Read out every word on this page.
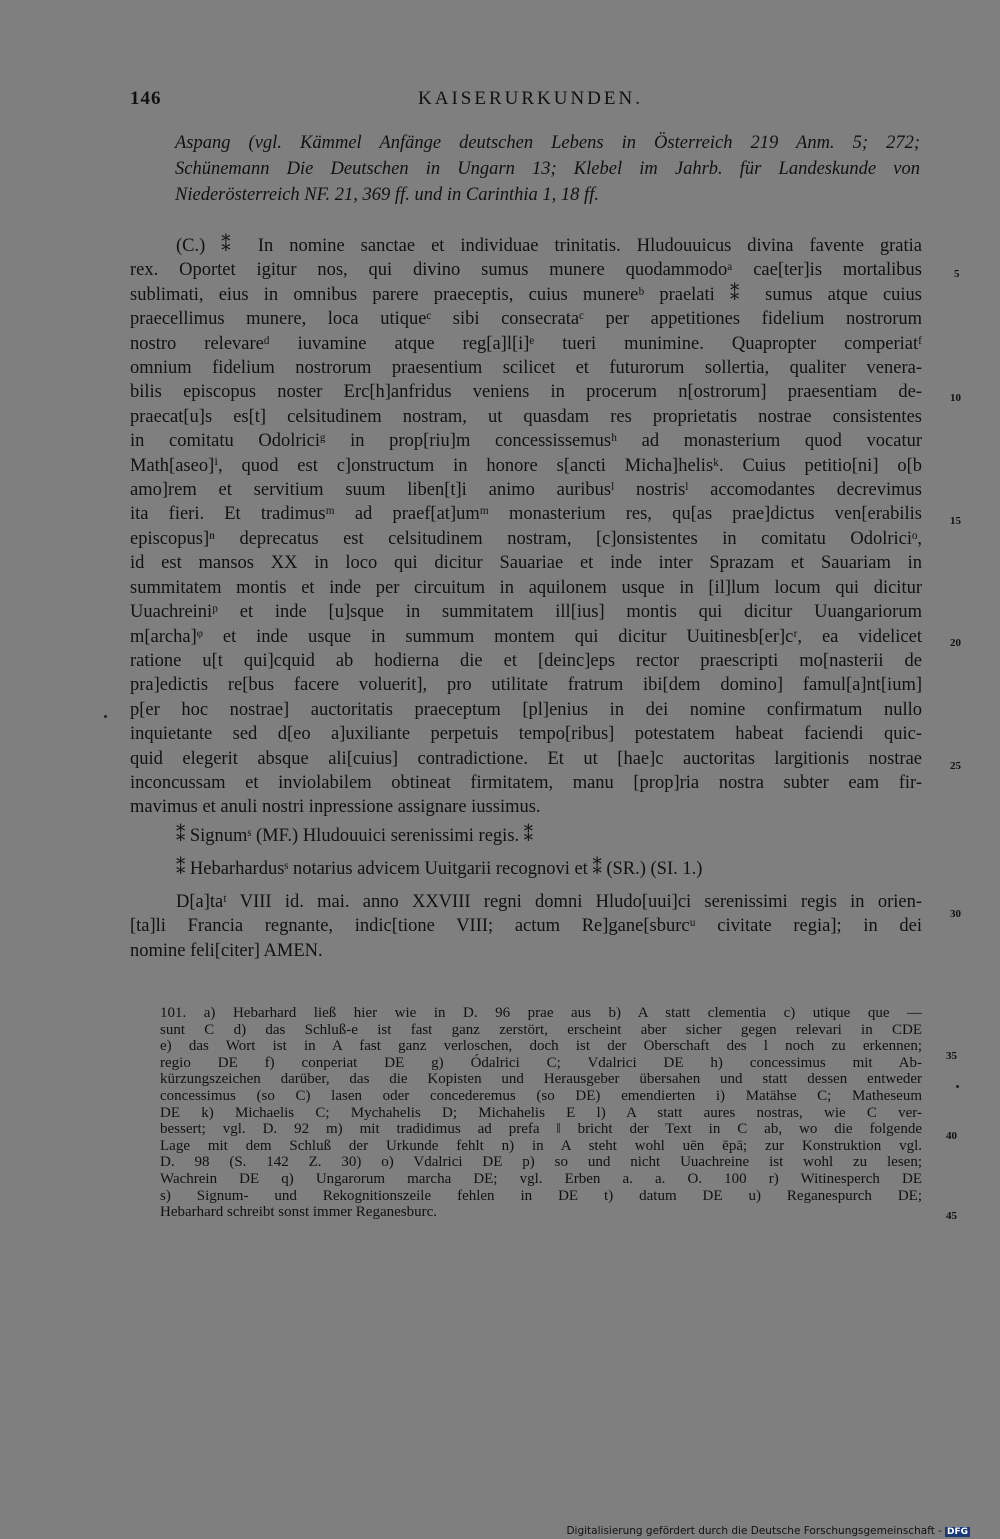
146	KAISERURKUNDEN.
Aspang (vgl. Kämmel Anfänge deutschen Lebens in Österreich 219 Anm. 5; 272;
Schünemann Die Deutschen in Ungarn 13; Klebel im Jahrb. für Landeskunde von
Niederösterreich NF. 21, 369 ff. und in Carinthia 1, 18 ff.
(C.) ⁑ In nomine sanctae et individuae trinitatis. Hludouuicus divina favente gratia
rex. Oportet igitur nos, qui divino sumus munere quodammodoᵃ cae[ter]is mortalibus
sublimati, eius in omnibus parere praeceptis, cuius munereᵇ praelati ⁑ sumus atque cuius
praecellimus munere, loca utiqueᶜ sibi consecrataᶜ per appetitiones fidelium nostrorum
nostro relevareᵈ iuvamine atque reg[a]l[i]ᵉ tueri munimine. Quapropter comperiatᶠ
omnium fidelium nostrorum praesentium scilicet et futurorum sollertia, qualiter venera-
bilis episcopus noster Erc[h]anfridus veniens in procerum n[ostrorum] praesentiam de-
praecat[u]s es[t] celsitudinem nostram, ut quasdam res proprietatis nostrae consistentes
in comitatu Odolriciᵍ in prop[riu]m concessissemusʰ ad monasterium quod vocatur
Math[aseo]ⁱ, quod est c]onstructum in honore s[ancti Micha]helisᵏ. Cuius petitio[ni] o[b
amo]rem et servitium suum liben[t]i animo auribusˡ nostrisˡ accomodantes decrevimus
ita fieri. Et tradimusᵐ ad praef[at]umᵐ monasterium res, qu[as prae]dictus ven[erabilis
episcopus]ⁿ deprecatus est celsitudinem nostram, [c]onsistentes in comitatu Odolriciᵒ,
id est mansos XX in loco qui dicitur Sauariae et inde inter Sprazam et Sauariam in
summitatem montis et inde per circuitum in aquilonem usque in [il]lum locum qui dicitur
Uuachreiniᵖ et inde [u]sque in summitatem ill[ius] montis qui dicitur Uuangariorum
m[archa]ᵠ et inde usque in summum montem qui dicitur Uuitinesb[er]cʳ, ea videlicet
ratione u[t qui]cquid ab hodierna die et [deinc]eps rector praescripti mo[nasterii de
pra]edictis re[bus facere voluerit], pro utilitate fratrum ibi[dem domino] famul[a]nt[ium]
p[er hoc nostrae] auctoritatis praeceptum [pl]enius in dei nomine confirmatum nullo
inquietante sed d[eo a]uxiliante perpetuis tempo[ribus] potestatem habeat faciendi quic-
quid elegerit absque ali[cuius] contradictione. Et ut [hae]c auctoritas largitionis nostrae
inconcussam et inviolabilem obtineat firmitatem, manu [prop]ria nostra subter eam fir-
mavimus et anuli nostri inpressione assignare iussimus.
⁑ Signumˢ (MF.) Hludouuici serenissimi regis. ⁑
⁑ Hebarhardusˢ notarius advicem Uuitgarii recognovi et ⁑ (SR.) (SI. 1.)
D[a]taᵗ VIII id. mai. anno XXVIII regni domni Hludo[uui]ci serenissimi regis in orien-
[ta]li Francia regnante, indic[tione VIII; actum Re]gane[sburcᵘ civitate regia]; in dei
nomine feli[citer] AMEN.
5
10
15
20
25
30
35
40
45
101. a) Hebarhard ließ hier wie in D. 96 prae aus b) A statt clementia c) utique que —
sunt C d) das Schluß-e ist fast ganz zerstört, erscheint aber sicher gegen relevari in CDE
e) das Wort ist in A fast ganz verloschen, doch ist der Oberschaft des l noch zu erkennen;
regio DE f) conperiat DE g) Ódalrici C; Vdalrici DE h) concessimus mit Ab-
kürzungszeichen darüber, das die Kopisten und Herausgeber übersahen und statt dessen entweder
concessimus (so C) lasen oder concederemus (so DE) emendierten i) Matähse C; Matheseum
DE k) Michaelis C; Mychahelis D; Michahelis E l) A statt aures nostras, wie C ver-
bessert; vgl. D. 92 m) mit tradidimus ad prefa ‖ bricht der Text in C ab, wo die folgende
Lage mit dem Schluß der Urkunde fehlt n) in A steht wohl uēn ēpā; zur Konstruktion vgl.
D. 98 (S. 142 Z. 30) o) Vdalrici DE p) so und nicht Uuachreine ist wohl zu lesen;
Wachrein DE q) Ungarorum marcha DE; vgl. Erben a. a. O. 100 r) Witinesperch DE
s) Signum- und Rekognitionszeile fehlen in DE t) datum DE u) Reganespurch DE;
Hebarhard schreibt sonst immer Reganesburc.
Digitalisierung gefördert durch die Deutsche Forschungsgemeinschaft - DFG
